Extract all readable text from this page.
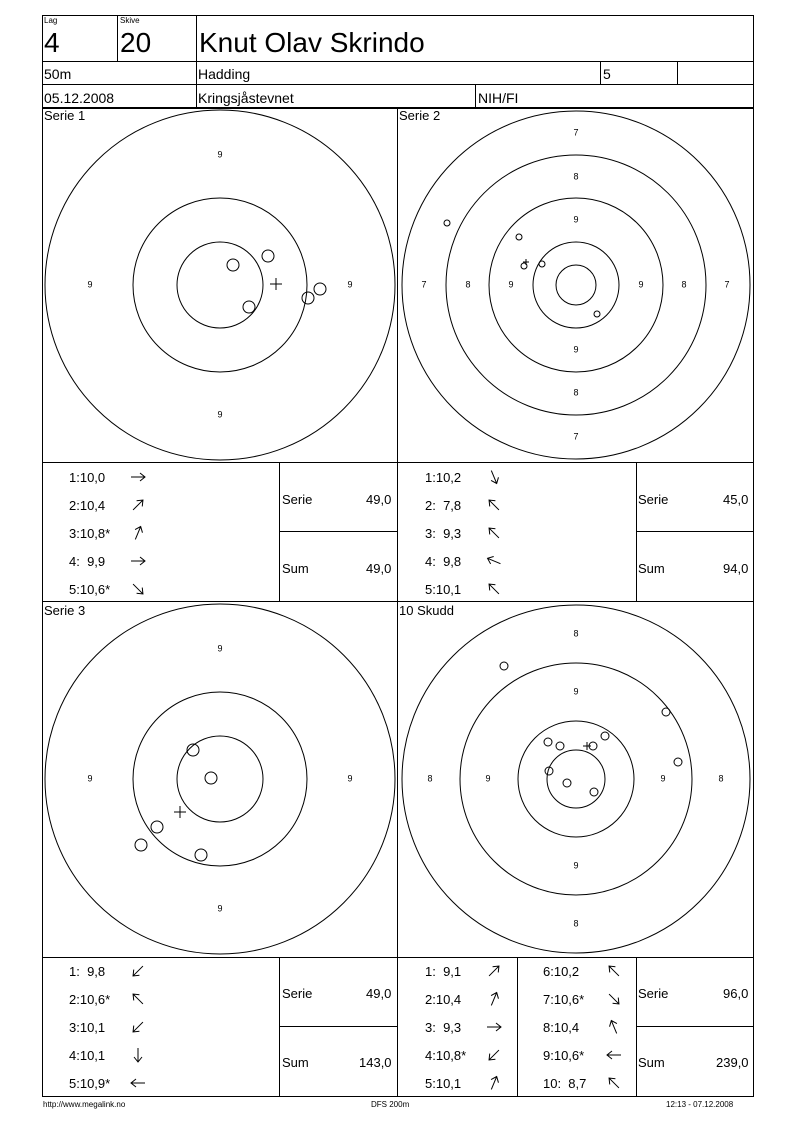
Lag
4
Skive
20 Knut Olav Skrindo
50m	Hadding	5
05.12.2008	Kringsjåstevnet	NIH/FI
Serie 1	Serie 2
Serie 3	10 Skudd
9
9
9	9
7
8
9
9
8
7
7	8	9	9	8	7
9
9
9	9
8
9
9
8
8	9	9	8
1:10,0
2:10,4
3:10,8*
4:  9,9
5:10,6*
1:10,2
2:  7,8
3:  9,3
4:  9,8
5:10,1
1:  9,8
2:10,6*
3:10,1
4:10,1
5:10,9*
1:  9,1
2:10,4
3:  9,3
4:10,8*
5:10,1
6:10,2
7:10,6*
8:10,4
9:10,6*
10:  8,7
Serie	49,0
Sum	49,0
Serie	45,0
Sum	94,0
Serie	49,0
Sum	143,0
Serie	96,0
Sum	239,0
http://www.megalink.no	DFS 200m	12:13 - 07.12.2008
